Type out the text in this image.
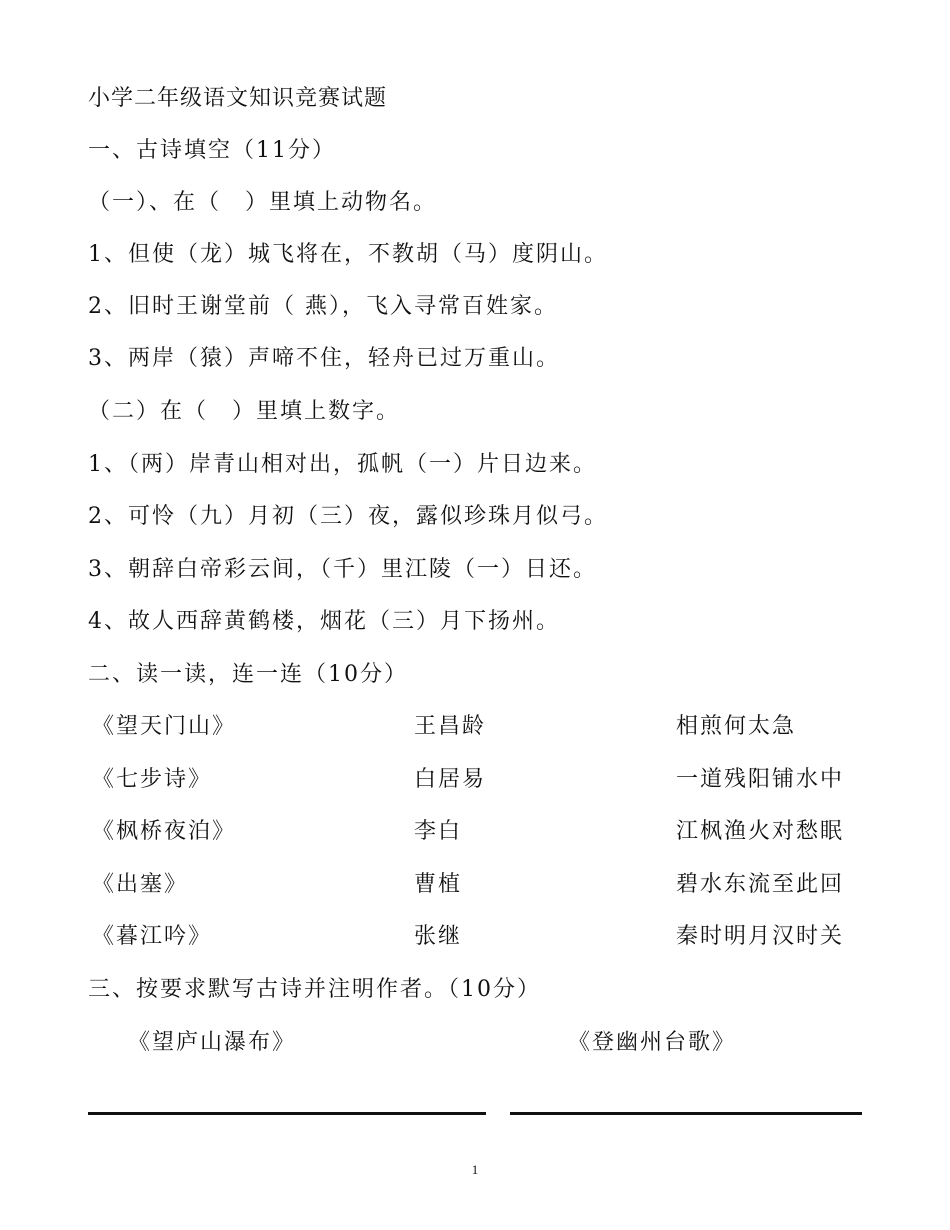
小学二年级语文知识竞赛试题
一、古诗填空（11分）
（一）、在（　）里填上动物名。
1、但使（龙）城飞将在，不教胡（马）度阴山。
2、旧时王谢堂前（ 燕），飞入寻常百姓家。
3、两岸（猿）声啼不住，轻舟已过万重山。
（二）在（　）里填上数字。
1、（两）岸青山相对出，孤帆（一）片日边来。
2、可怜（九）月初（三）夜，露似珍珠月似弓。
3、朝辞白帝彩云间，（千）里江陵（一）日还。
4、故人西辞黄鹤楼，烟花（三）月下扬州。
二、读一读，连一连（10分）
《望天门山》	王昌龄	相煎何太急
《七步诗》	白居易	一道残阳铺水中
《枫桥夜泊》	李白	江枫渔火对愁眠
《出塞》	曹植	碧水东流至此回
《暮江吟》	张继	秦时明月汉时关
三、按要求默写古诗并注明作者。（10分）
《望庐山瀑布》	《登幽州台歌》
1
